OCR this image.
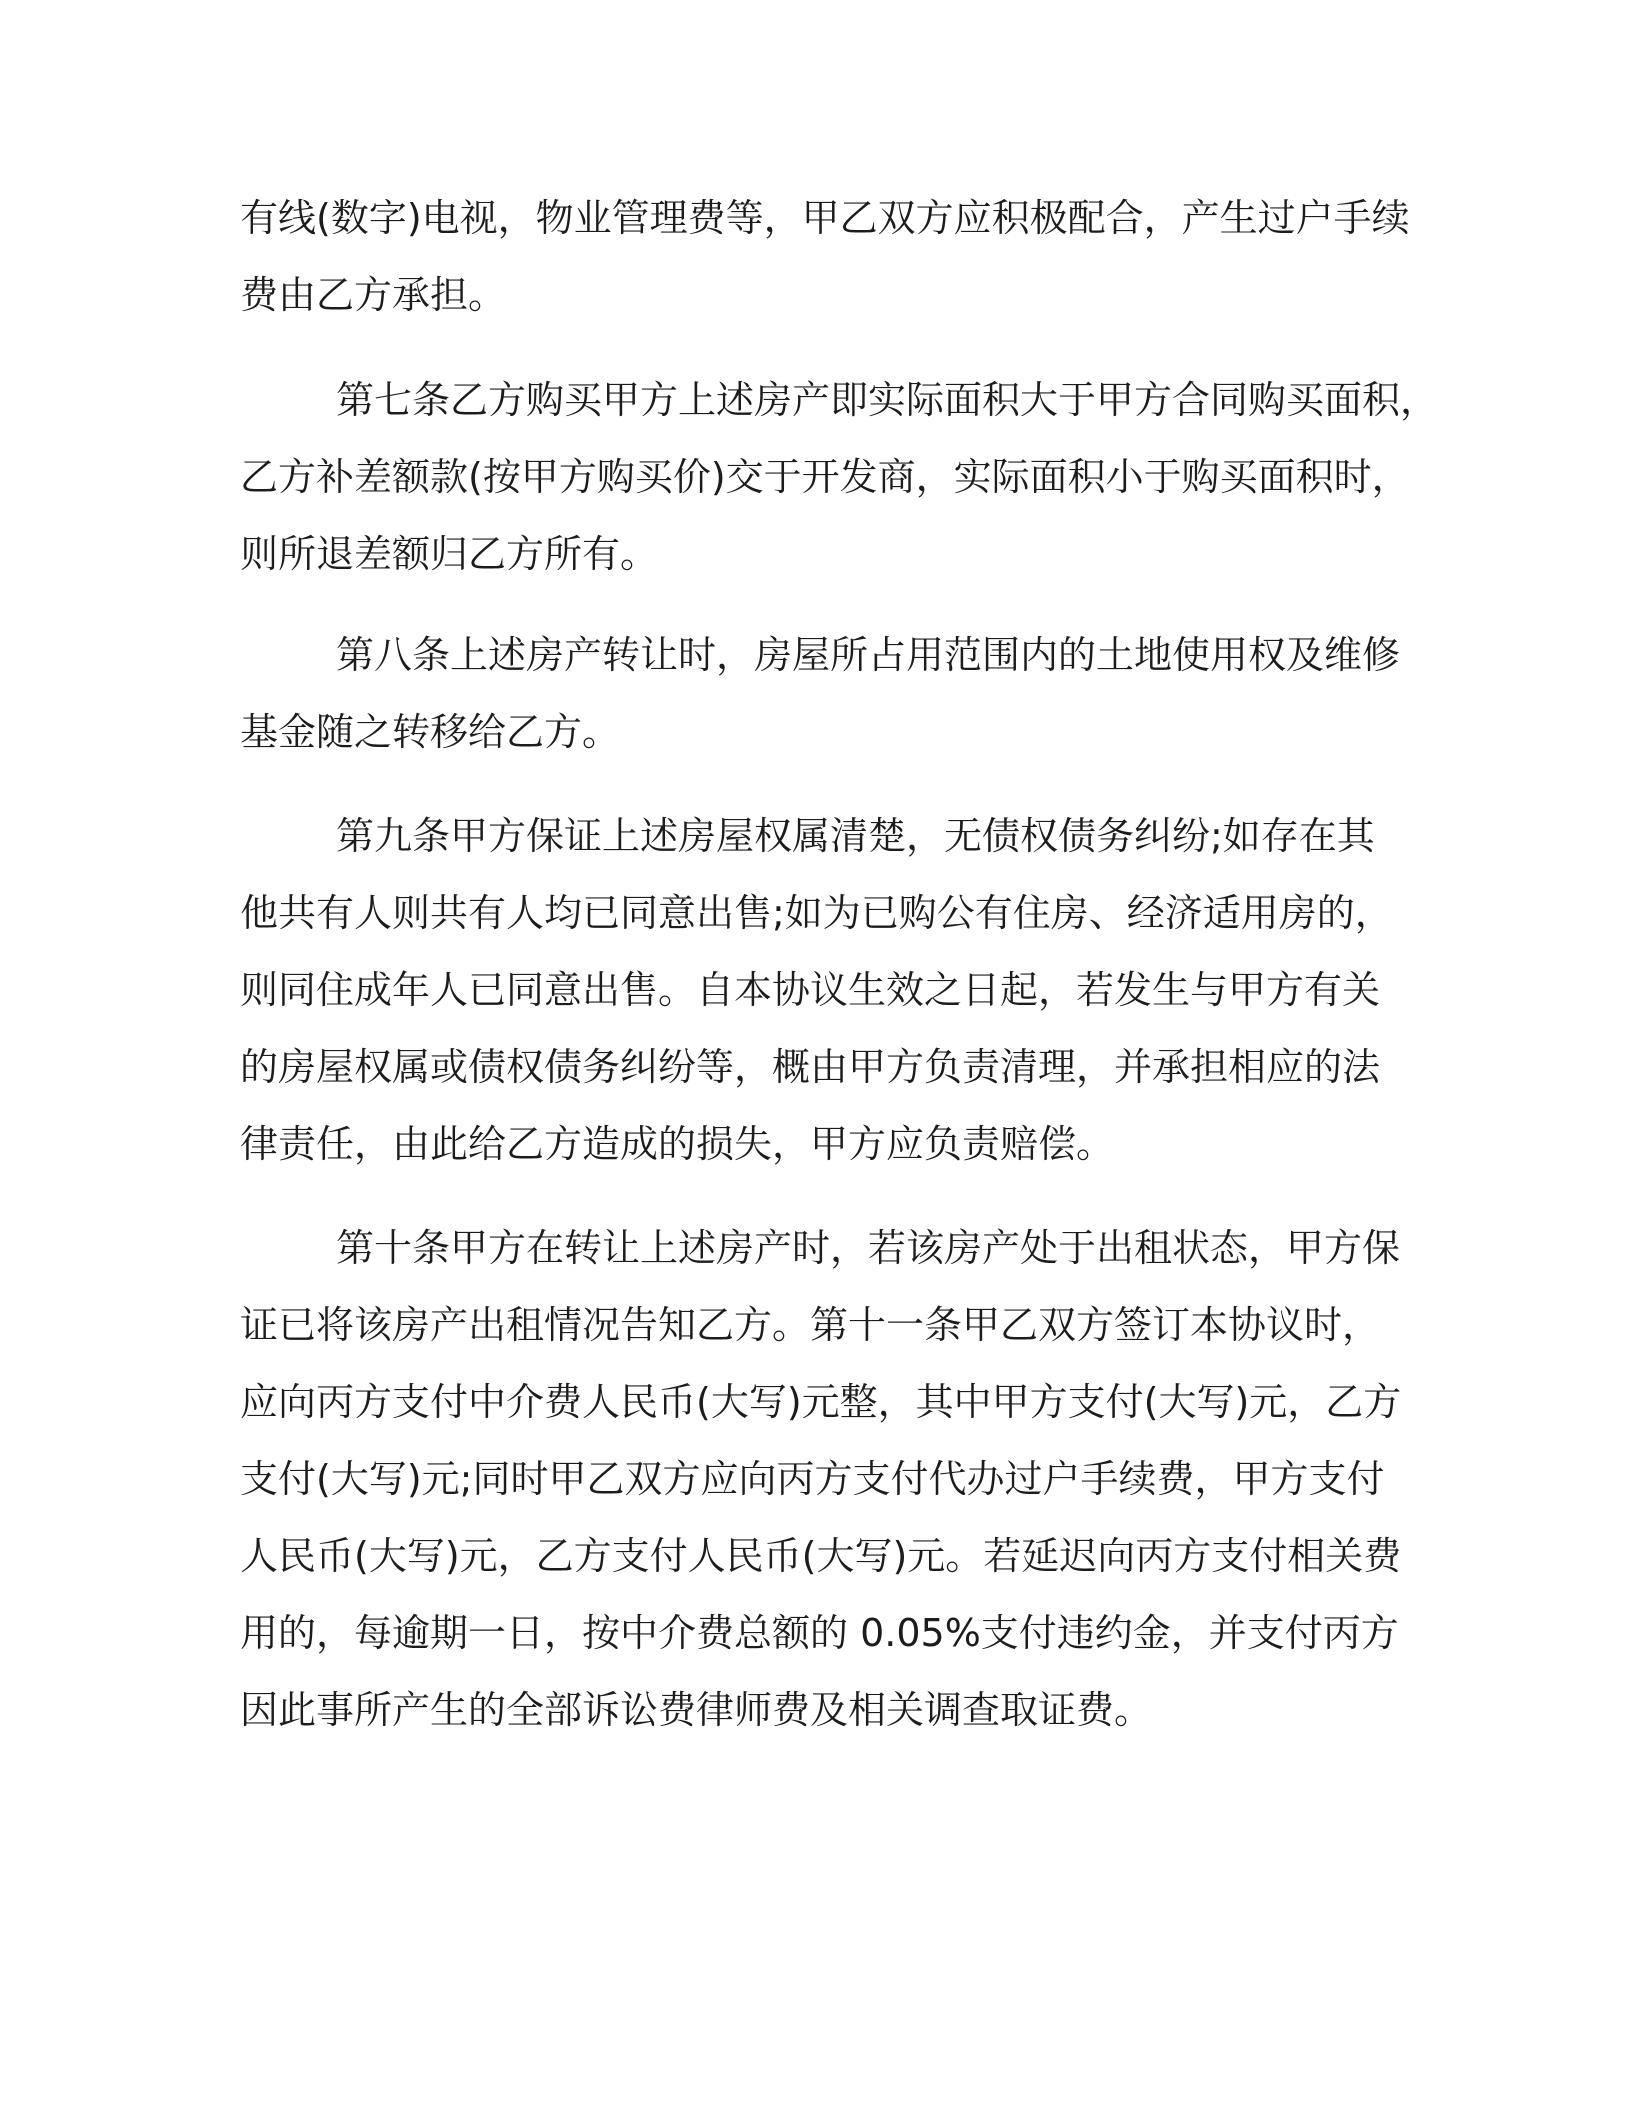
有线(数字)电视，物业管理费等，甲乙双方应积极配合，产生过户手续
费由乙方承担。
第七条乙方购买甲方上述房产即实际面积大于甲方合同购买面积，
乙方补差额款(按甲方购买价)交于开发商，实际面积小于购买面积时，
则所退差额归乙方所有。
第八条上述房产转让时，房屋所占用范围内的土地使用权及维修
基金随之转移给乙方。
第九条甲方保证上述房屋权属清楚，无债权债务纠纷;如存在其
他共有人则共有人均已同意出售;如为已购公有住房、经济适用房的，
则同住成年人已同意出售。自本协议生效之日起，若发生与甲方有关
的房屋权属或债权债务纠纷等，概由甲方负责清理，并承担相应的法
律责任，由此给乙方造成的损失，甲方应负责赔偿。
第十条甲方在转让上述房产时，若该房产处于出租状态，甲方保
证已将该房产出租情况告知乙方。第十一条甲乙双方签订本协议时，
应向丙方支付中介费人民币(大写)元整，其中甲方支付(大写)元，乙方
支付(大写)元;同时甲乙双方应向丙方支付代办过户手续费，甲方支付
人民币(大写)元，乙方支付人民币(大写)元。若延迟向丙方支付相关费
用的，每逾期一日，按中介费总额的 0.05%支付违约金，并支付丙方
因此事所产生的全部诉讼费律师费及相关调查取证费。
